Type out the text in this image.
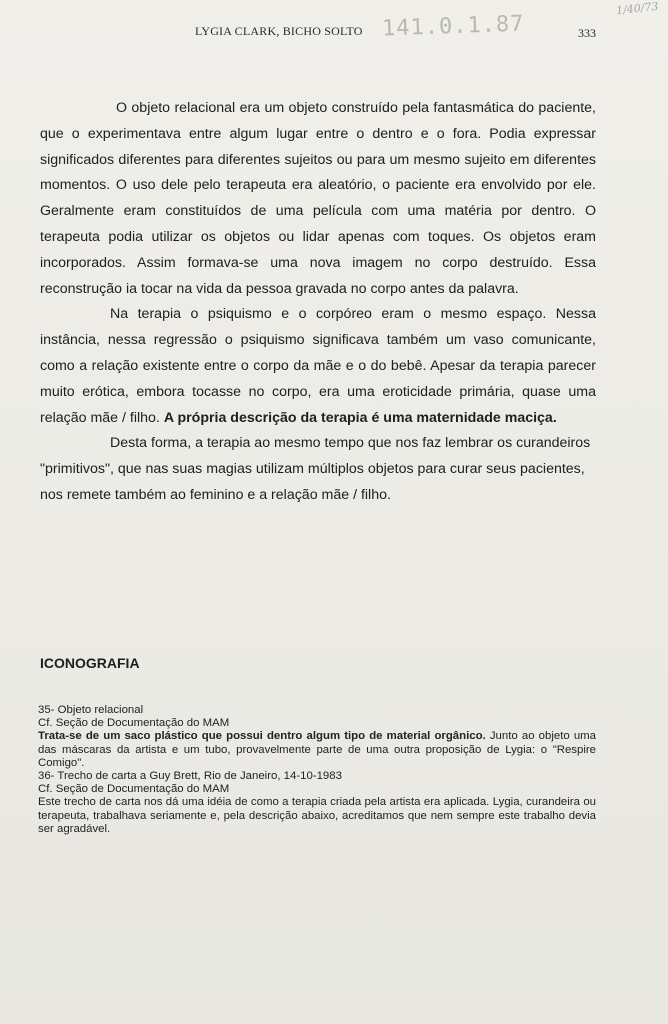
LYGIA CLARK, BICHO SOLTO 141.0.1.87	333
1/40/73

O objeto relacional era um objeto construído pela fantasmática do paciente, que o experimentava entre algum lugar entre o dentro e o fora. Podia expressar significados diferentes para diferentes sujeitos ou para um mesmo sujeito em diferentes momentos. O uso dele pelo terapeuta era aleatório, o paciente era envolvido por ele. Geralmente eram constituídos de uma película com uma matéria por dentro. O terapeuta podia utilizar os objetos ou lidar apenas com toques. Os objetos eram incorporados. Assim formava-se uma nova imagem no corpo destruído. Essa reconstrução ia tocar na vida da pessoa gravada no corpo antes da palavra.

Na terapia o psiquismo e o corpóreo eram o mesmo espaço. Nessa instância, nessa regressão o psiquismo significava também um vaso comunicante, como a relação existente entre o corpo da mãe e o do bebê. Apesar da terapia parecer muito erótica, embora tocasse no corpo, era uma eroticidade primária, quase uma relação mãe / filho. A própria descrição da terapia é uma maternidade maciça.

Desta forma, a terapia ao mesmo tempo que nos faz lembrar os curandeiros "primitivos", que nas suas magias utilizam múltiplos objetos para curar seus pacientes, nos remete também ao feminino e a relação mãe / filho.

ICONOGRAFIA
35- Objeto relacional
Cf. Seção de Documentação do MAM
Trata-se de um saco plástico que possui dentro algum tipo de material orgânico. Junto ao objeto uma das máscaras da artista e um tubo, provavelmente parte de uma outra proposição de Lygia: o "Respire Comigo".
36- Trecho de carta a Guy Brett, Rio de Janeiro, 14-10-1983
Cf. Seção de Documentação do MAM
Este trecho de carta nos dá uma idéia de como a terapia criada pela artista era aplicada. Lygia, curandeira ou terapeuta, trabalhava seriamente e, pela descrição abaixo, acreditamos que nem sempre este trabalho devia ser agradável.
